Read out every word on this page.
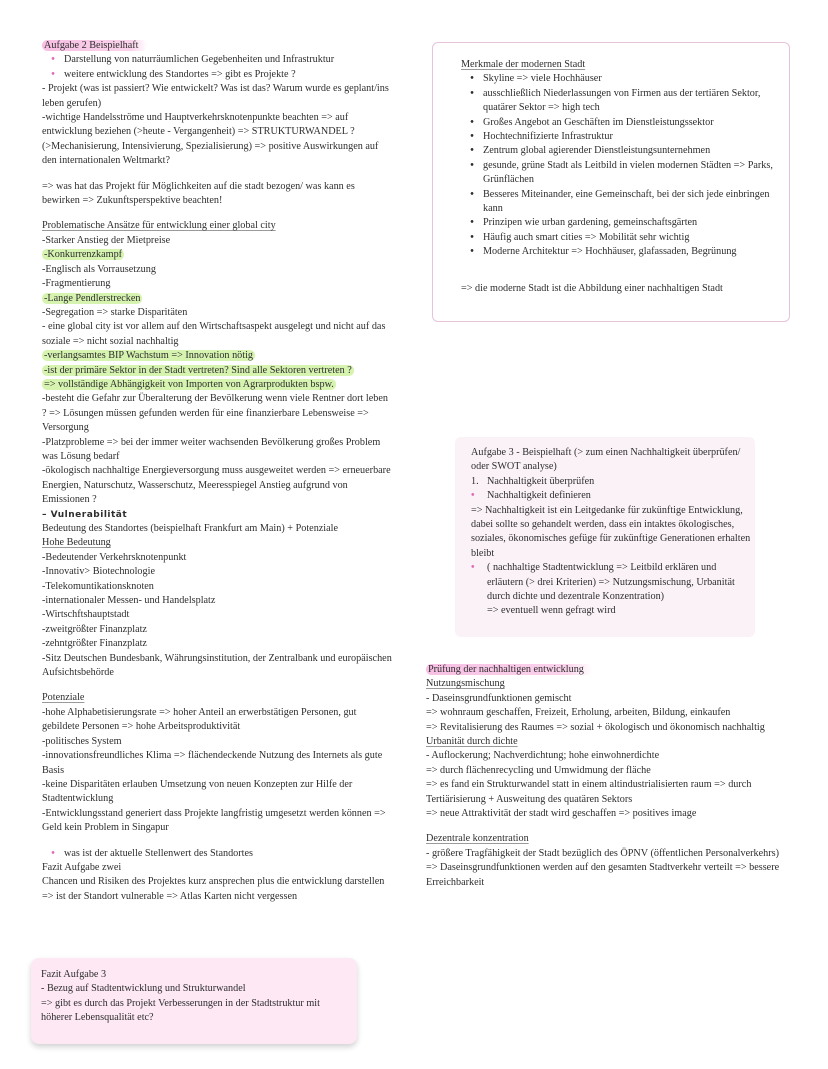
Aufgabe 2 Beispielhaft

• Darstellung von naturräumlichen Gegebenheiten und Infrastruktur
• weitere entwicklung des Standortes => gibt es Projekte ?

- Projekt (was ist passiert? Wie entwickelt? Was ist das? Warum wurde es geplant/ins leben gerufen)

-wichtige Handelsströme und Hauptverkehrsknotenpunkte beachten => auf entwicklung beziehen (>heute - Vergangenheit) => STRUKTURWANDEL ? (>Mechanisierung, Intensivierung, Spezialisierung) => positive Auswirkungen auf den internationalen Weltmarkt?

=> was hat das Projekt für Möglichkeiten auf die stadt bezogen/ was kann es bewirken => Zukunftsperspektive beachten!

Problematische Ansätze für entwicklung einer global city

-Starker Anstieg der Mietpreise

-Konkurrenzkampf

-Englisch als Vorrausetzung

-Fragmentierung

-Lange Pendlerstrecken

-Segregation => starke Disparitäten

- eine global city ist vor allem auf den Wirtschaftsaspekt ausgelegt und nicht auf das soziale => nicht sozial nachhaltig

-verlangsamtes BIP Wachstum => Innovation nötig

-ist der primäre Sektor in der Stadt vertreten? Sind alle Sektoren vertreten ?

=> vollständige Abhängigkeit von Importen von Agrarprodukten bspw.

-besteht die Gefahr zur Überalterung der Bevölkerung wenn viele Rentner dort leben ? => Lösungen müssen gefunden werden für eine finanzierbare Lebensweise => Versorgung

-Platzprobleme => bei der immer weiter wachsenden Bevölkerung großes Problem was Lösung bedarf

-ökologisch nachhaltige Energieversorgung muss ausgeweitet werden => erneuerbare Energien, Naturschutz, Wasserschutz, Meeresspiegel Anstieg aufgrund von Emissionen ?

– Vulnerabilität

Bedeutung des Standortes (beispielhaft Frankfurt am Main) + Potenziale

Hohe Bedeutung

-Bedeutender Verkehrsknotenpunkt

-Innovativ> Biotechnologie

-Telekomuntikationsknoten

-internationaler Messen- und Handelsplatz

-Wirtschftshauptstadt

-zweitgrößter Finanzplatz

-zehntgrößter Finanzplatz

-Sitz Deutschen Bundesbank, Währungsinstitution, der Zentralbank und europäischen Aufsichtsbehörde

Potenziale

-hohe Alphabetisierungsrate => hoher Anteil an erwerbstätigen Personen, gut gebildete Personen => hohe Arbeitsproduktivität

-politisches System

-innovationsfreundliches Klima => flächendeckende Nutzung des Internets als gute Basis

-keine Disparitäten erlauben Umsetzung von neuen Konzepten zur Hilfe der Stadtentwicklung

-Entwicklungsstand generiert dass Projekte langfristig umgesetzt werden können => Geld kein Problem in Singapur

• was ist der aktuelle Stellenwert des Standortes

Fazit Aufgabe zwei

Chancen und Risiken des Projektes kurz ansprechen plus die entwicklung darstellen

=> ist der Standort vulnerable => Atlas Karten nicht vergessen

Fazit Aufgabe 3

- Bezug auf Stadtentwicklung und Strukturwandel

=> gibt es durch das Projekt Verbesserungen in der Stadtstruktur mit höherer Lebensqualität etc?

Merkmale der modernen Stadt

• Skyline => viele Hochhäuser
• ausschließlich Niederlassungen von Firmen aus der tertiären Sektor, quatärer Sektor => high tech
• Großes Angebot an Geschäften im Dienstleistungssektor
• Hochtechnifizierte Infrastruktur
• Zentrum global agierender Dienstleistungsunternehmen
• gesunde, grüne Stadt als Leitbild in vielen modernen Städten => Parks, Grünflächen
• Besseres Miteinander, eine Gemeinschaft, bei der sich jede einbringen kann
• Prinzipen wie urban gardening, gemeinschaftsgärten
• Häufig auch smart cities => Mobilität sehr wichtig
• Moderne Architektur => Hochhäuser, glafassaden, Begrünung

=> die moderne Stadt ist die Abbildung einer nachhaltigen Stadt

Aufgabe 3 - Beispielhaft (> zum einen Nachhaltigkeit überprüfen/ oder SWOT analyse)

1. Nachhaltigkeit überprüfen
•	Nachhaltigkeit definieren

=> Nachhaltigkeit ist ein Leitgedanke für zukünftige Entwicklung, dabei sollte so gehandelt werden, dass ein intaktes ökologisches, soziales, ökonomisches gefüge für zukünftige Generationen erhalten bleibt

•	( nachhaltige Stadtentwicklung => Leitbild erklären und erläutern (> drei Kriterien) => Nutzungsmischung, Urbanität durch dichte und dezentrale Konzentration)
=> eventuell wenn gefragt wird

Prüfung der nachhaltigen entwicklung

Nutzungsmischung

- Daseinsgrundfunktionen gemischt

=> wohnraum geschaffen, Freizeit, Erholung, arbeiten, Bildung, einkaufen

=> Revitalisierung des Raumes => sozial + ökologisch und ökonomisch nachhaltig

Urbanität durch dichte

- Auflockerung; Nachverdichtung; hohe einwohnerdichte

=> durch flächenrecycling und Umwidmung der fläche

=> es fand ein Strukturwandel statt in einem altindustrialisierten raum => durch Tertiärisierung + Ausweitung des quatären Sektors

=> neue Attraktivität der stadt wird geschaffen => positives image

Dezentrale konzentration

- größere Tragfähigkeit der Stadt bezüglich des ÖPNV (öffentlichen Personalverkehrs)

=> Daseinsgrundfunktionen werden auf den gesamten Stadtverkehr verteilt => bessere Erreichbarkeit
